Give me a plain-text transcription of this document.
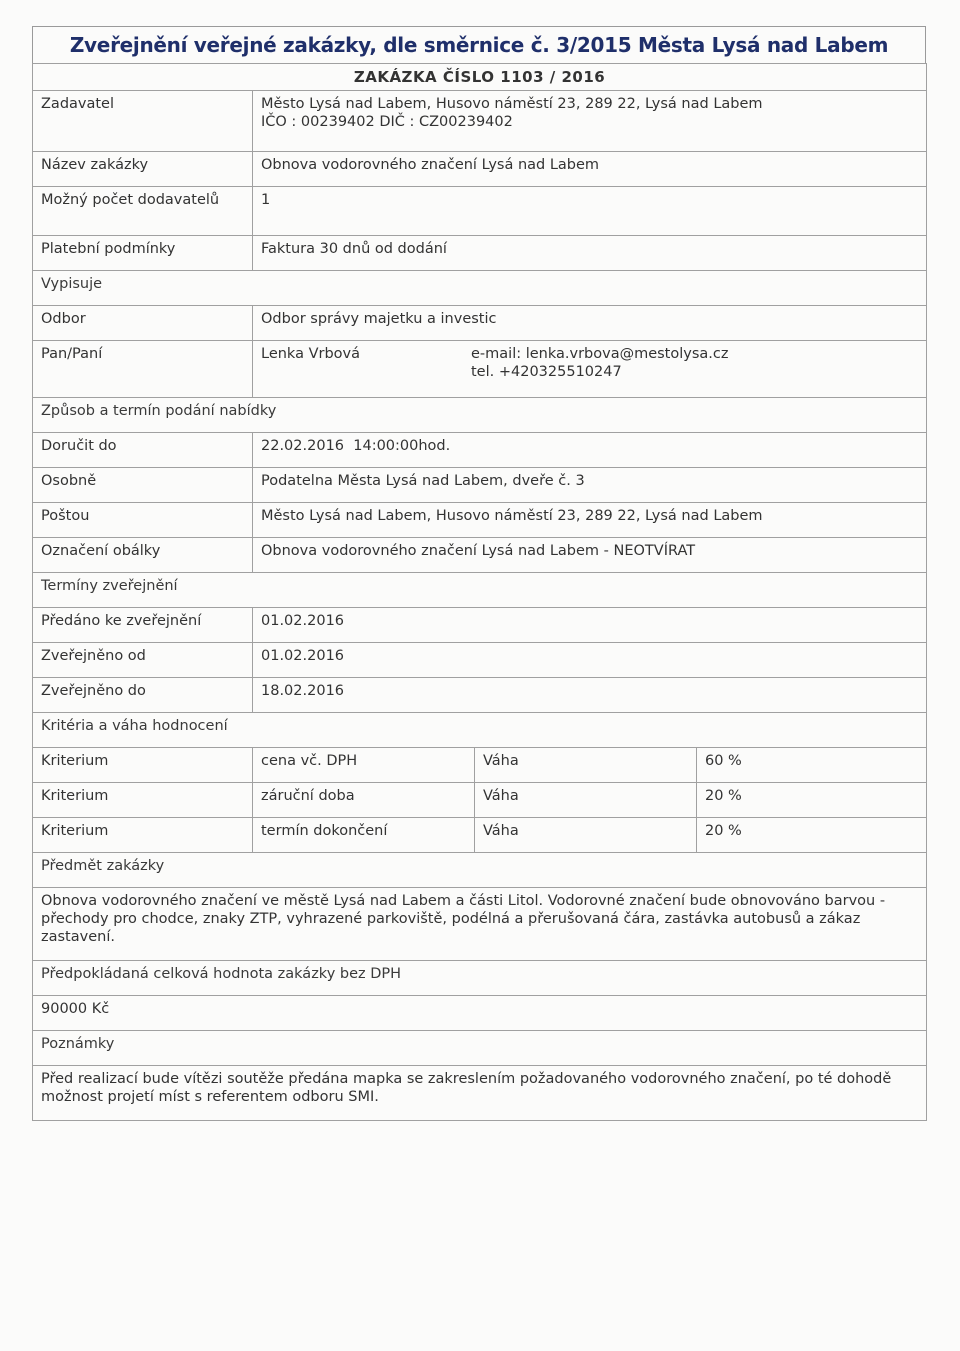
Zveřejnění veřejné zakázky, dle směrnice č. 3/2015 Města Lysá nad Labem
ZAKÁZKA ČÍSLO 1103 / 2016			
Zadavatel	Město Lysá nad Labem, Husovo náměstí 23, 289 22, Lysá nad Labem
IČO : 00239402 DIČ : CZ00239402		

Název zakázky	Obnova vodorovného značení Lysá nad Labem		
Možný počet dodavatelů	1		
Platební podmínky	Faktura 30 dnů od dodání		
Vypisuje			
Odbor	Odbor správy majetku a investic		
Pan/Paní	Lenka Vrbová e-mail: lenka.vrbova@mestolysa.cz
tel. +420325510247		

Způsob a termín podání nabídky			
Doručit do	22.02.2016  14:00:00hod.		
Osobně	Podatelna Města Lysá nad Labem, dveře č. 3		
Poštou	Město Lysá nad Labem, Husovo náměstí 23, 289 22, Lysá nad Labem		
Označení obálky	Obnova vodorovného značení Lysá nad Labem - NEOTVÍRAT		
Termíny zveřejnění			
Předáno ke zveřejnění	01.02.2016		
Zveřejněno od	01.02.2016		
Zveřejněno do	18.02.2016		
Kritéria a váha hodnocení			
Kriterium	cena vč. DPH	Váha	60 %
Kriterium	záruční doba	Váha	20 %
Kriterium	termín dokončení	Váha	20 %
Předmět zakázky			
Obnova vodorovného značení ve městě Lysá nad Labem a části Litol. Vodorovné značení bude obnovováno barvou - přechody pro chodce, znaky ZTP, vyhrazené parkoviště, podélná a přerušovaná čára, zastávka autobusů a zákaz zastavení.			
Předpokládaná celková hodnota zakázky bez DPH			
90000 Kč			
Poznámky			
Před realizací bude vítězi soutěže předána mapka se zakreslením požadovaného vodorovného značení, po té dohodě možnost projetí míst s referentem odboru SMI.			
